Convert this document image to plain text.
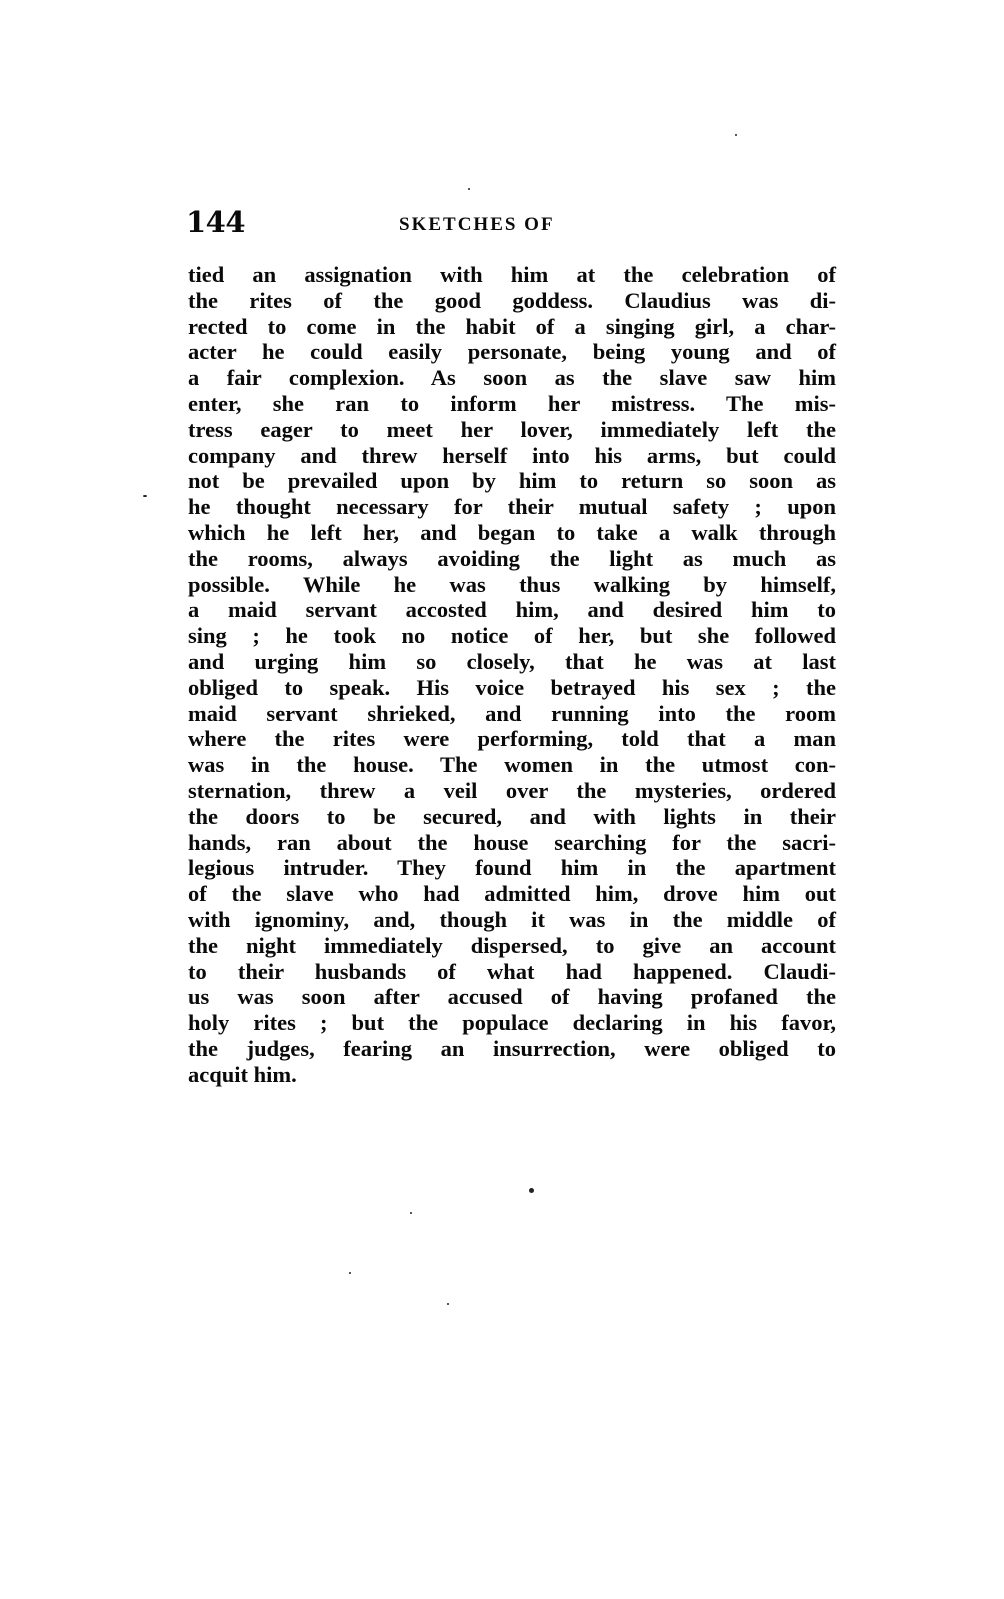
144	SKETCHES OF
tied an assignation with him at the celebration of
the rites of the good goddess. Claudius was di-
rected to come in the habit of a singing girl, a char-
acter he could easily personate, being young and of
a fair complexion. As soon as the slave saw him
enter, she ran to inform her mistress. The mis-
tress eager to meet her lover, immediately left the
company and threw herself into his arms, but could
not be prevailed upon by him to return so soon as
he thought necessary for their mutual safety ; upon
which he left her, and began to take a walk through
the rooms, always avoiding the light as much as
possible. While he was thus walking by himself,
a maid servant accosted him, and desired him to
sing ; he took no notice of her, but she followed
and urging him so closely, that he was at last
obliged to speak. His voice betrayed his sex ; the
maid servant shrieked, and running into the room
where the rites were performing, told that a man
was in the house. The women in the utmost con-
sternation, threw a veil over the mysteries, ordered
the doors to be secured, and with lights in their
hands, ran about the house searching for the sacri-
legious intruder. They found him in the apartment
of the slave who had admitted him, drove him out
with ignominy, and, though it was in the middle of
the night immediately dispersed, to give an account
to their husbands of what had happened. Claudi-
us was soon after accused of having profaned the
holy rites ; but the populace declaring in his favor,
the judges, fearing an insurrection, were obliged to
acquit him.
